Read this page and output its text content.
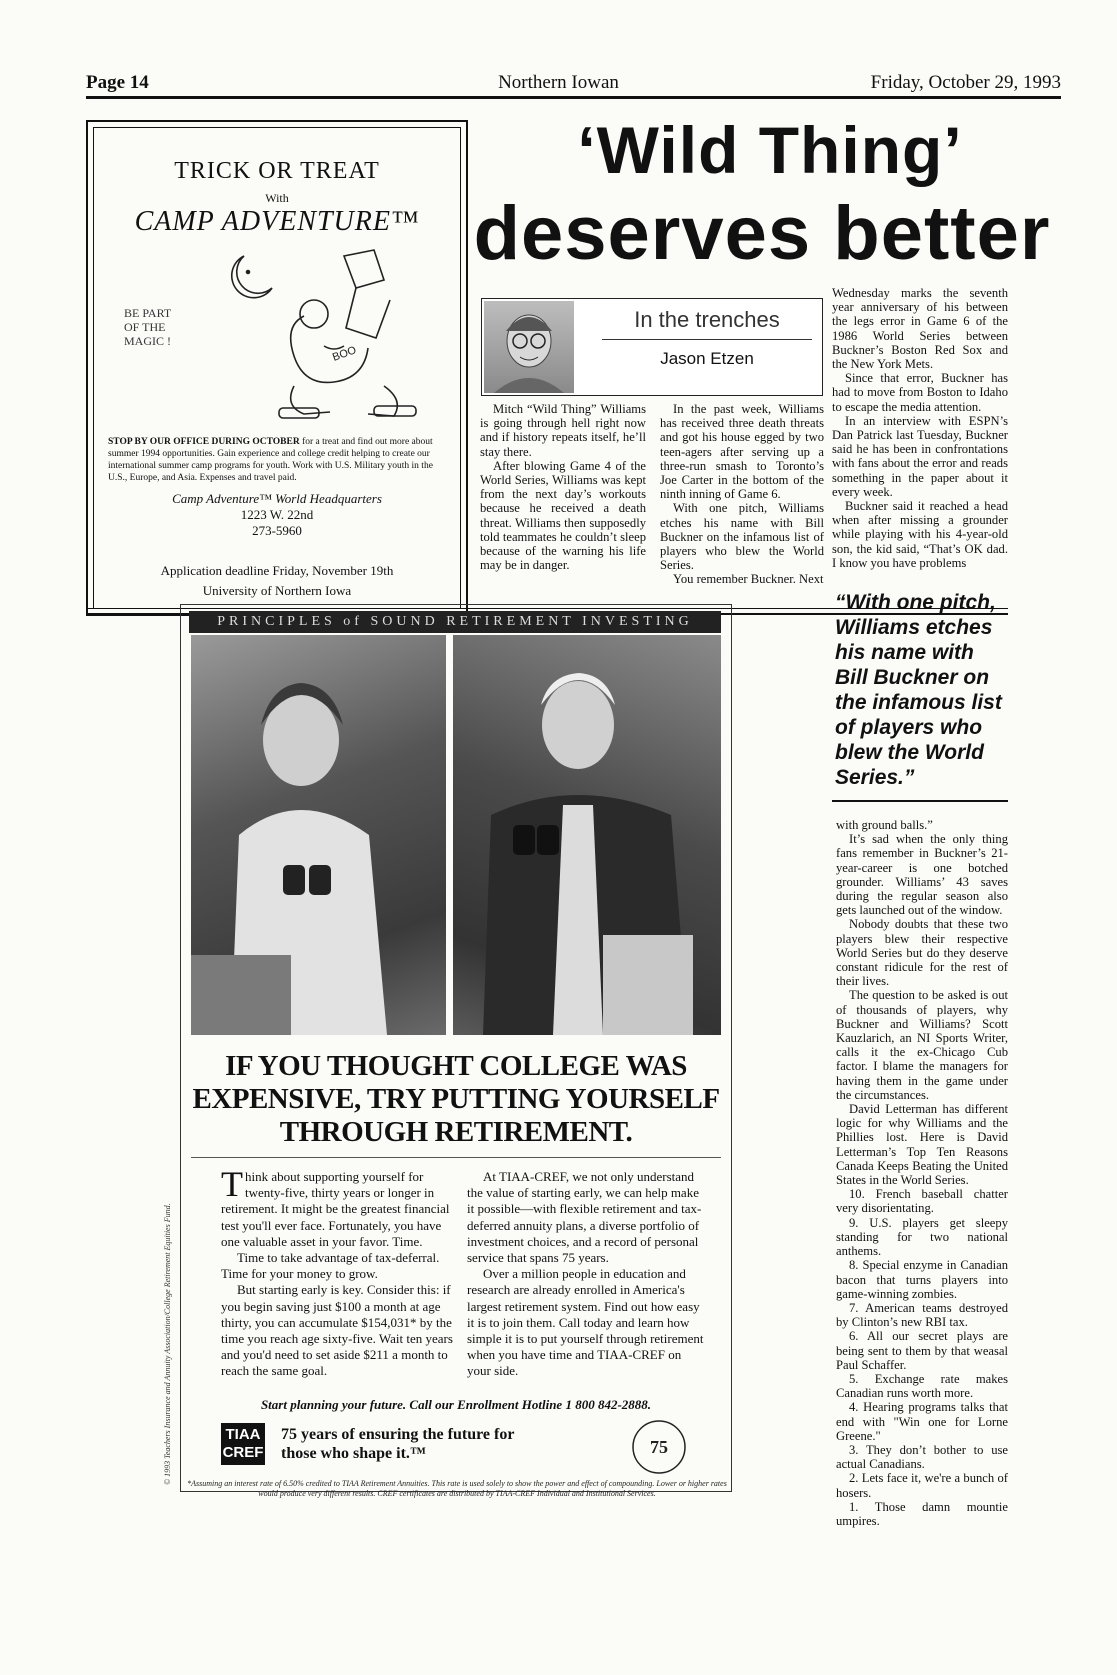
Page 14	Northern Iowan	Friday, October 29, 1993
TRICK OR TREAT
With
CAMP ADVENTURE™
BE PART
OF THE
MAGIC !
BOO
STOP BY OUR OFFICE DURING OCTOBER for a treat and find out more about summer 1994 opportunities. Gain experience and college credit helping to create our international summer camp programs for youth. Work with U.S. Military youth in the U.S., Europe, and Asia. Expenses and travel paid.
Camp Adventure™ World Headquarters
1223 W. 22nd
273-5960
Application deadline Friday, November 19th
University of Northern Iowa
‘Wild Thing’
deserves better
In the trenches
Jason Etzen

Mitch “Wild Thing” Williams is going through hell right now and if history repeats itself, he’ll stay there.

After blowing Game 4 of the World Series, Williams was kept from the next day’s workouts because he received a death threat. Williams then supposedly told teammates he couldn’t sleep because of the warning his life may be in danger.

In the past week, Williams has received three death threats and got his house egged by two teen-agers after serving up a three-run smash to Toronto’s Joe Carter in the bottom of the ninth inning of Game 6.

With one pitch, Williams etches his name with Bill Buckner on the infamous list of players who blew the World Series.

You remember Buckner. Next

Wednesday marks the seventh year anniversary of his between the legs error in Game 6 of the 1986 World Series between Buckner’s Boston Red Sox and the New York Mets.

Since that error, Buckner has had to move from Boston to Idaho to escape the media attention.

In an interview with ESPN’s Dan Patrick last Tuesday, Buckner said he has been in confrontations with fans about the error and reads something in the paper about it every week.

Buckner said it reached a head when after missing a grounder while playing with his 4-year-old son, the kid said, “That’s OK dad. I know you have problems

“With one pitch, Williams etches his name with Bill Buckner on the infamous list of players who blew the World Series.”

with ground balls.”

It’s sad when the only thing fans remember in Buckner’s 21-year-career is one botched grounder. Williams’ 43 saves during the regular season also gets launched out of the window.

Nobody doubts that these two players blew their respective World Series but do they deserve constant ridicule for the rest of their lives.

The question to be asked is out of thousands of players, why Buckner and Williams? Scott Kauzlarich, an NI Sports Writer, calls it the ex-Chicago Cub factor. I blame the managers for having them in the game under the circumstances.

David Letterman has different logic for why Williams and the Phillies lost. Here is David Letterman’s Top Ten Reasons Canada Keeps Beating the United States in the World Series.

10. French baseball chatter very disorientating.

9. U.S. players get sleepy standing for two national anthems.

8. Special enzyme in Canadian bacon that turns players into game-winning zombies.

7. American teams destroyed by Clinton’s new RBI tax.

6. All our secret plays are being sent to them by that weasal Paul Schaffer.

5. Exchange rate makes Canadian runs worth more.

4. Hearing programs talks that end with "Win one for Lorne Greene."

3. They don’t bother to use actual Canadians.

2. Lets face it, we're a bunch of hosers.

1. Those damn mountie umpires.

PRINCIPLES of SOUND RETIREMENT INVESTING
IF YOU THOUGHT COLLEGE WAS
EXPENSIVE, TRY PUTTING YOURSELF
THROUGH RETIREMENT.

Think about supporting yourself for twenty-five, thirty years or longer in retirement. It might be the greatest financial test you'll ever face. Fortunately, you have one valuable asset in your favor. Time.

Time to take advantage of tax-deferral. Time for your money to grow.

But starting early is key. Consider this: if you begin saving just $100 a month at age thirty, you can accumulate $154,031* by the time you reach age sixty-five. Wait ten years and you'd need to set aside $211 a month to reach the same goal.

At TIAA-CREF, we not only understand the value of starting early, we can help make it possible—with flexible retirement and tax-deferred annuity plans, a diverse portfolio of investment choices, and a record of personal service that spans 75 years.

Over a million people in education and research are already enrolled in America's largest retirement system. Find out how easy it is to join them. Call today and learn how simple it is to put yourself through retirement when you have time and TIAA-CREF on your side.

Start planning your future. Call our Enrollment Hotline 1 800 842-2888.
TIAA
CREF
75 years of ensuring the future for those who shape it.™	75
© 1993 Teachers Insurance and Annuity Association/College Retirement Equities Fund.	*Assuming an interest rate of 6.50% credited to TIAA Retirement Annuities. This rate is used solely to show the power and effect of compounding. Lower or higher rates would produce very different results. CREF certificates are distributed by TIAA-CREF Individual and Institutional Services.
